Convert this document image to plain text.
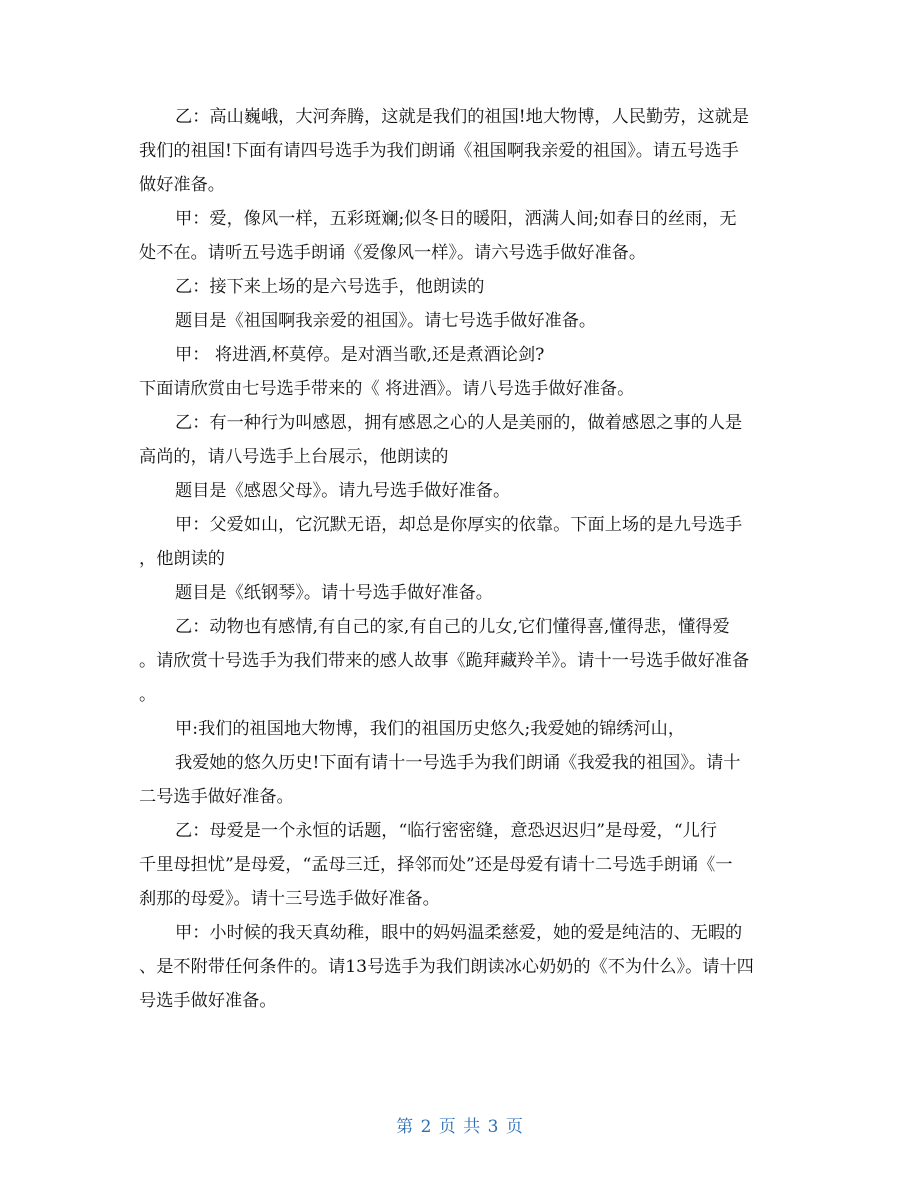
乙：高山巍峨，大河奔腾，这就是我们的祖国!地大物博，人民勤劳，这就是
我们的祖国!下面有请四号选手为我们朗诵《祖国啊我亲爱的祖国》。请五号选手
做好准备。
甲：爱，像风一样，五彩斑斓;似冬日的暖阳，洒满人间;如春日的丝雨，无
处不在。请听五号选手朗诵《爱像风一样》。请六号选手做好准备。
乙：接下来上场的是六号选手，他朗读的
题目是《祖国啊我亲爱的祖国》。请七号选手做好准备。
甲： 将进酒,杯莫停。是对酒当歌,还是煮酒论剑?
下面请欣赏由七号选手带来的《 将进酒》。请八号选手做好准备。
乙：有一种行为叫感恩，拥有感恩之心的人是美丽的，做着感恩之事的人是
高尚的，请八号选手上台展示，他朗读的
题目是《感恩父母》。请九号选手做好准备。
甲：父爱如山，它沉默无语，却总是你厚实的依靠。下面上场的是九号选手
，他朗读的
题目是《纸钢琴》。请十号选手做好准备。
乙：动物也有感情,有自己的家,有自己的儿女,它们懂得喜,懂得悲，懂得爱
。请欣赏十号选手为我们带来的感人故事《跪拜藏羚羊》。请十一号选手做好准备
。
甲:我们的祖国地大物博，我们的祖国历史悠久;我爱她的锦绣河山，
我爱她的悠久历史!下面有请十一号选手为我们朗诵《我爱我的祖国》。请十
二号选手做好准备。
乙：母爱是一个永恒的话题，“临行密密缝，意恐迟迟归”是母爱，“儿行
千里母担忧”是母爱，“孟母三迁，择邻而处”还是母爱有请十二号选手朗诵《一
刹那的母爱》。请十三号选手做好准备。
甲：小时候的我天真幼稚，眼中的妈妈温柔慈爱，她的爱是纯洁的、无暇的
、是不附带任何条件的。请13号选手为我们朗读冰心奶奶的《不为什么》。请十四
号选手做好准备。
第 2 页 共 3 页
